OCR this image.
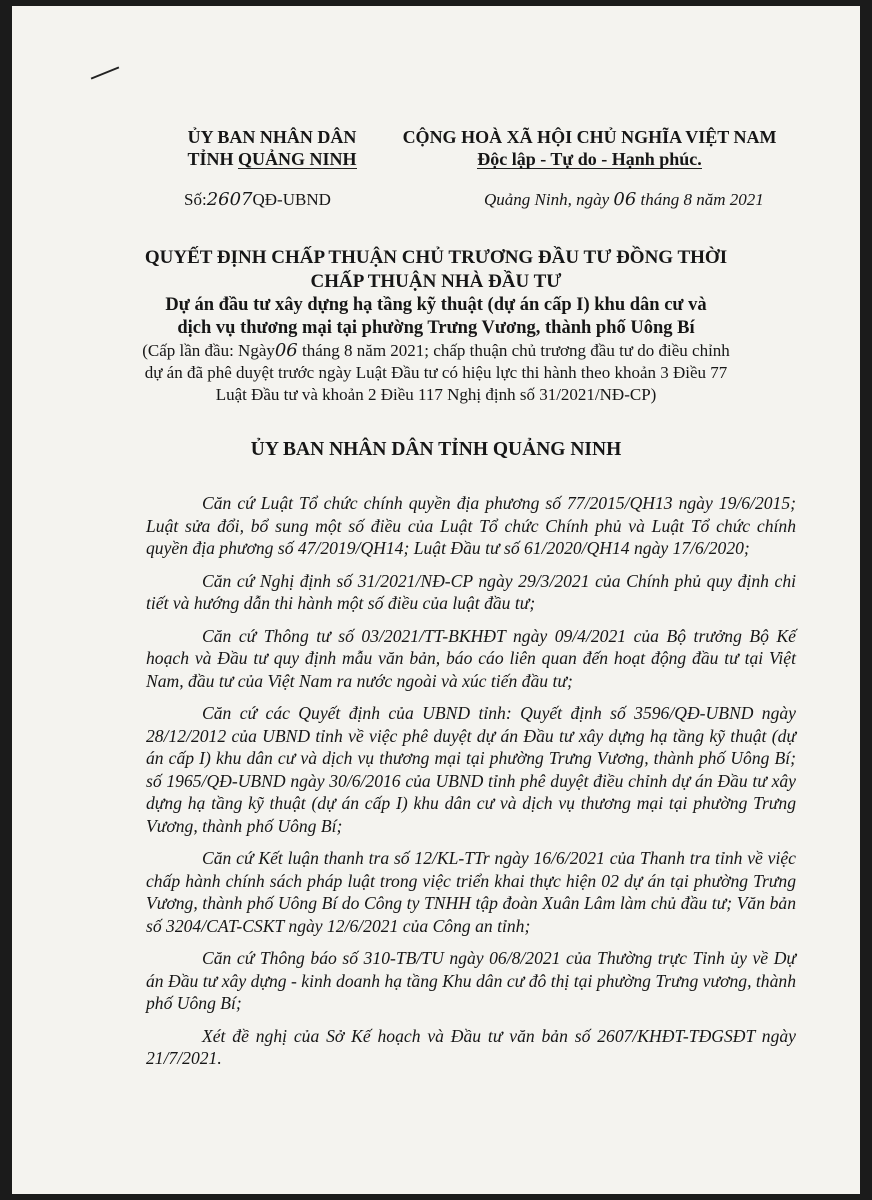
ỦY BAN NHÂN DÂN
TỈNH QUẢNG NINH
Số:2607QĐ-UBND
CỘNG HOÀ XÃ HỘI CHỦ NGHĨA VIỆT NAM
Độc lập - Tự do - Hạnh phúc.
Quảng Ninh, ngày 06 tháng 8 năm 2021
QUYẾT ĐỊNH CHẤP THUẬN CHỦ TRƯƠNG ĐẦU TƯ ĐỒNG THỜI
CHẤP THUẬN NHÀ ĐẦU TƯ
Dự án đầu tư xây dựng hạ tầng kỹ thuật (dự án cấp I) khu dân cư và
dịch vụ thương mại tại phường Trưng Vương, thành phố Uông Bí
(Cấp lần đầu: Ngày06 tháng 8 năm 2021; chấp thuận chủ trương đầu tư do điều chỉnh
dự án đã phê duyệt trước ngày Luật Đầu tư có hiệu lực thi hành theo khoản 3 Điều 77
Luật Đầu tư và khoản 2 Điều 117 Nghị định số 31/2021/NĐ-CP)
ỦY BAN NHÂN DÂN TỈNH QUẢNG NINH

Căn cứ Luật Tổ chức chính quyền địa phương số 77/2015/QH13 ngày 19/6/2015; Luật sửa đổi, bổ sung một số điều của Luật Tổ chức Chính phủ và Luật Tổ chức chính quyền địa phương số 47/2019/QH14; Luật Đầu tư số 61/2020/QH14 ngày 17/6/2020;

Căn cứ Nghị định số 31/2021/NĐ-CP ngày 29/3/2021 của Chính phủ quy định chi tiết và hướng dẫn thi hành một số điều của luật đầu tư;

Căn cứ Thông tư số 03/2021/TT-BKHĐT ngày 09/4/2021 của Bộ trưởng Bộ Kế hoạch và Đầu tư quy định mẫu văn bản, báo cáo liên quan đến hoạt động đầu tư tại Việt Nam, đầu tư của Việt Nam ra nước ngoài và xúc tiến đầu tư;

Căn cứ các Quyết định của UBND tỉnh: Quyết định số 3596/QĐ-UBND ngày 28/12/2012 của UBND tỉnh về việc phê duyệt dự án Đầu tư xây dựng hạ tầng kỹ thuật (dự án cấp I) khu dân cư và dịch vụ thương mại tại phường Trưng Vương, thành phố Uông Bí; số 1965/QĐ-UBND ngày 30/6/2016 của UBND tỉnh phê duyệt điều chỉnh dự án Đầu tư xây dựng hạ tầng kỹ thuật (dự án cấp I) khu dân cư và dịch vụ thương mại tại phường Trưng Vương, thành phố Uông Bí;

Căn cứ Kết luận thanh tra số 12/KL-TTr ngày 16/6/2021 của Thanh tra tỉnh về việc chấp hành chính sách pháp luật trong việc triển khai thực hiện 02 dự án tại phường Trưng Vương, thành phố Uông Bí do Công ty TNHH tập đoàn Xuân Lâm làm chủ đầu tư; Văn bản số 3204/CAT-CSKT ngày 12/6/2021 của Công an tỉnh;

Căn cứ Thông báo số 310-TB/TU ngày 06/8/2021 của Thường trực Tỉnh ủy về Dự án Đầu tư xây dựng - kinh doanh hạ tầng Khu dân cư đô thị tại phường Trưng vương, thành phố Uông Bí;

Xét đề nghị của Sở Kế hoạch và Đầu tư văn bản số 2607/KHĐT-TĐGSĐT ngày 21/7/2021.
